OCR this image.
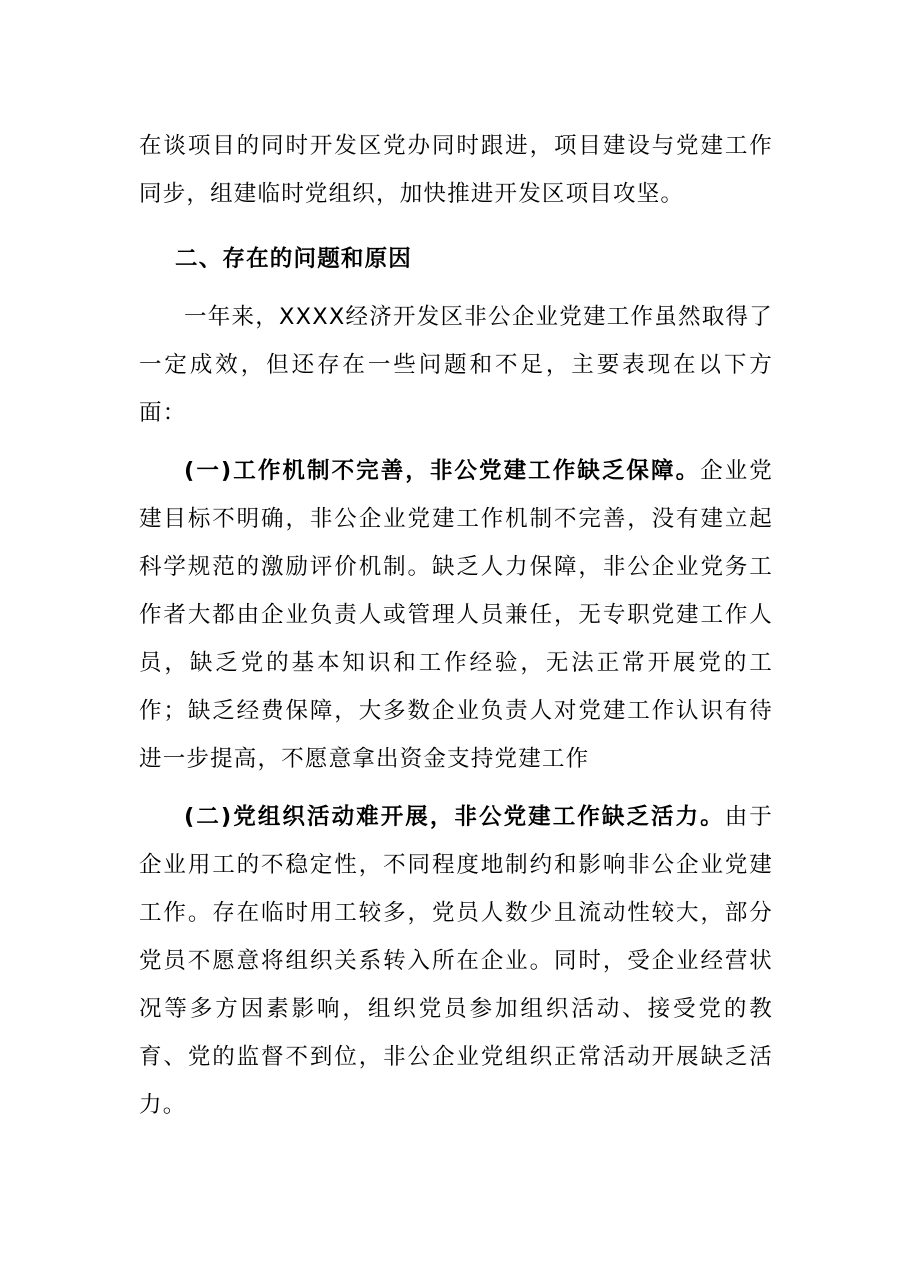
在谈项目的同时开发区党办同时跟进，项目建设与党建工作同步，组建临时党组织，加快推进开发区项目攻坚。

二、存在的问题和原因

一年来，XXXX经济开发区非公企业党建工作虽然取得了一定成效，但还存在一些问题和不足，主要表现在以下方面：

(一)工作机制不完善，非公党建工作缺乏保障。企业党建目标不明确，非公企业党建工作机制不完善，没有建立起科学规范的激励评价机制。缺乏人力保障，非公企业党务工作者大都由企业负责人或管理人员兼任，无专职党建工作人员，缺乏党的基本知识和工作经验，无法正常开展党的工作；缺乏经费保障，大多数企业负责人对党建工作认识有待进一步提高，不愿意拿出资金支持党建工作

(二)党组织活动难开展，非公党建工作缺乏活力。由于企业用工的不稳定性，不同程度地制约和影响非公企业党建工作。存在临时用工较多，党员人数少且流动性较大，部分党员不愿意将组织关系转入所在企业。同时，受企业经营状况等多方因素影响，组织党员参加组织活动、接受党的教育、党的监督不到位，非公企业党组织正常活动开展缺乏活力。
